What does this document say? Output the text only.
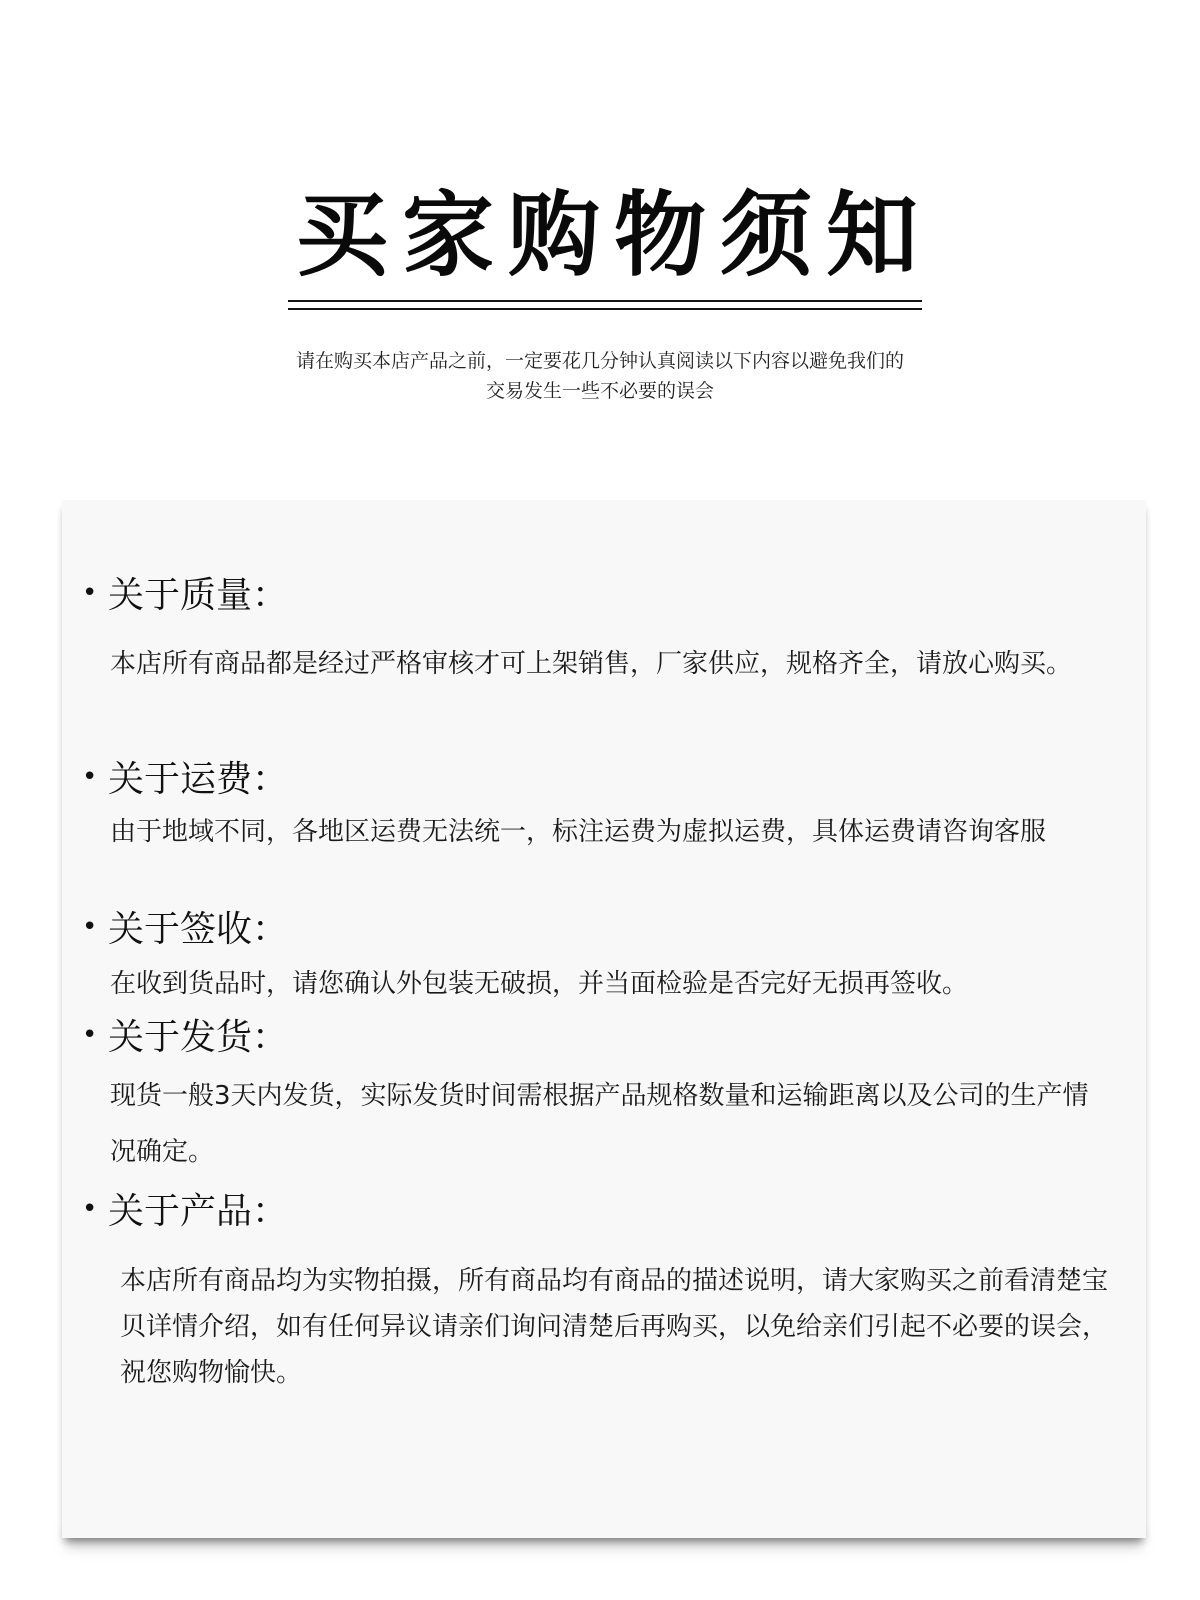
买家购物须知

请在购买本店产品之前，一定要花几分钟认真阅读以下内容以避免我们的

交易发生一些不必要的误会

• 关于质量：

本店所有商品都是经过严格审核才可上架销售，厂家供应，规格齐全，请放心购买。

• 关于运费：

由于地域不同，各地区运费无法统一，标注运费为虚拟运费，具体运费请咨询客服

• 关于签收：

在收到货品时，请您确认外包装无破损，并当面检验是否完好无损再签收。

• 关于发货：

现货一般3天内发货，实际发货时间需根据产品规格数量和运输距离以及公司的生产情况确定。

• 关于产品：

本店所有商品均为实物拍摄，所有商品均有商品的描述说明，请大家购买之前看清楚宝贝详情介绍，如有任何异议请亲们询问清楚后再购买，以免给亲们引起不必要的误会，祝您购物愉快。
